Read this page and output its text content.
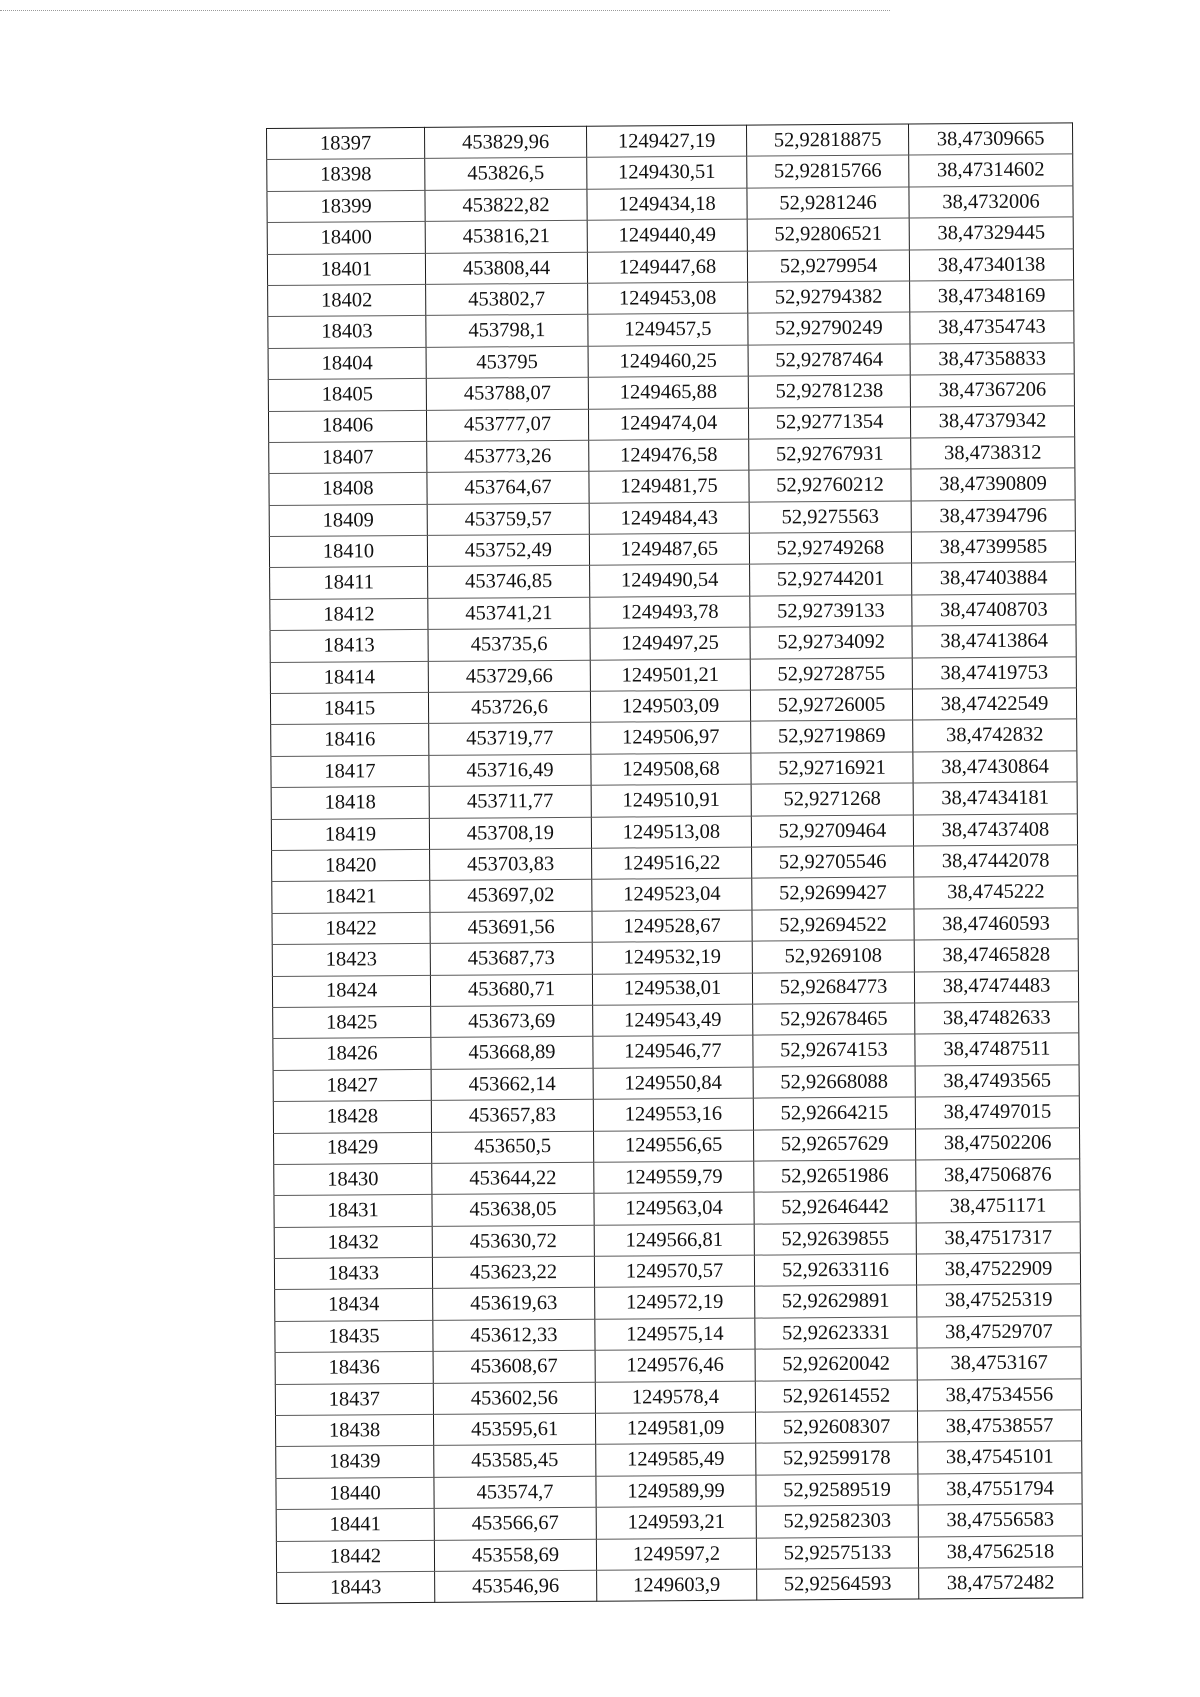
18397	453829,96	1249427,19	52,92818875	38,47309665
18398	453826,5	1249430,51	52,92815766	38,47314602
18399	453822,82	1249434,18	52,9281246	38,4732006
18400	453816,21	1249440,49	52,92806521	38,47329445
18401	453808,44	1249447,68	52,9279954	38,47340138
18402	453802,7	1249453,08	52,92794382	38,47348169
18403	453798,1	1249457,5	52,92790249	38,47354743
18404	453795	1249460,25	52,92787464	38,47358833
18405	453788,07	1249465,88	52,92781238	38,47367206
18406	453777,07	1249474,04	52,92771354	38,47379342
18407	453773,26	1249476,58	52,92767931	38,4738312
18408	453764,67	1249481,75	52,92760212	38,47390809
18409	453759,57	1249484,43	52,9275563	38,47394796
18410	453752,49	1249487,65	52,92749268	38,47399585
18411	453746,85	1249490,54	52,92744201	38,47403884
18412	453741,21	1249493,78	52,92739133	38,47408703
18413	453735,6	1249497,25	52,92734092	38,47413864
18414	453729,66	1249501,21	52,92728755	38,47419753
18415	453726,6	1249503,09	52,92726005	38,47422549
18416	453719,77	1249506,97	52,92719869	38,4742832
18417	453716,49	1249508,68	52,92716921	38,47430864
18418	453711,77	1249510,91	52,9271268	38,47434181
18419	453708,19	1249513,08	52,92709464	38,47437408
18420	453703,83	1249516,22	52,92705546	38,47442078
18421	453697,02	1249523,04	52,92699427	38,4745222
18422	453691,56	1249528,67	52,92694522	38,47460593
18423	453687,73	1249532,19	52,9269108	38,47465828
18424	453680,71	1249538,01	52,92684773	38,47474483
18425	453673,69	1249543,49	52,92678465	38,47482633
18426	453668,89	1249546,77	52,92674153	38,47487511
18427	453662,14	1249550,84	52,92668088	38,47493565
18428	453657,83	1249553,16	52,92664215	38,47497015
18429	453650,5	1249556,65	52,92657629	38,47502206
18430	453644,22	1249559,79	52,92651986	38,47506876
18431	453638,05	1249563,04	52,92646442	38,4751171
18432	453630,72	1249566,81	52,92639855	38,47517317
18433	453623,22	1249570,57	52,92633116	38,47522909
18434	453619,63	1249572,19	52,92629891	38,47525319
18435	453612,33	1249575,14	52,92623331	38,47529707
18436	453608,67	1249576,46	52,92620042	38,4753167
18437	453602,56	1249578,4	52,92614552	38,47534556
18438	453595,61	1249581,09	52,92608307	38,47538557
18439	453585,45	1249585,49	52,92599178	38,47545101
18440	453574,7	1249589,99	52,92589519	38,47551794
18441	453566,67	1249593,21	52,92582303	38,47556583
18442	453558,69	1249597,2	52,92575133	38,47562518
18443	453546,96	1249603,9	52,92564593	38,47572482
